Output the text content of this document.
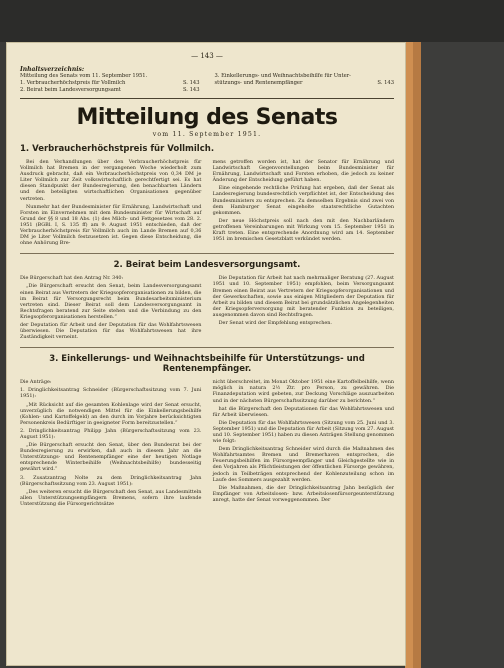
— 143 —
Inhaltsverzeichnis:
Mitteilung des Senats vom 11. September 1951.
1. Verbraucherhöchstpreis für Vollmilch	S. 143
2. Beirat beim Landesversorgungsamt	S. 143
3. Einkellerungs- und Weihnachtsbeihilfe für Unter-
stützungs- und Rentenempfänger	S. 143
Mitteilung des Senats
vom 11. September 1951.
1. Verbraucherhöchstpreis für Vollmilch.

Bei den Verhandlungen über den Verbraucherhöchstpreis für Vollmilch hat Bremen in der vergangenen Woche wiederholt zum Ausdruck gebracht, daß ein Verbraucherhöchstpreis von 0,34 DM je Liter Vollmilch zur Zeit volkswirtschaftlich gerechtfertigt sei. Es hat diesen Standpunkt der Bundesregierung, den benachbarten Ländern und den beteiligten wirtschaftlichen Organisationen gegenüber vertreten.

Nunmehr hat der Bundesminister für Ernährung, Landwirtschaft und Forsten im Einvernehmen mit dem Bundesminister für Wirtschaft auf Grund der §§ 8 und 18 Abs. (1) des Milch- und Fettgesetzes vom 28. 2. 1951 (BGBl. I, S. 135 ff) am 9. August 1951 entschieden, daß der Verbraucherhöchstpreis für Vollmilch auch im Lande Bremen auf 0,36 DM je Liter Vollmilch festzusetzen ist. Gegen diese Entscheidung, die ohne Anhörung Bre-

mens getroffen worden ist, hat der Senator für Ernährung und Landwirtschaft Gegenvorstellungen beim Bundesminister für Ernährung, Landwirtschaft und Forsten erhoben, die jedoch zu keiner Änderung der Entscheidung geführt haben.

Eine eingehende rechtliche Prüfung hat ergeben, daß der Senat als Landesregierung bundesrechtlich verpflichtet ist, der Entscheidung des Bundesministers zu entsprechen. Zu demselben Ergebnis sind zwei von dem Hamburger Senat eingeholte staatsrechtliche Gutachten gekommen.

Der neue Höchstpreis soll nach den mit den Nachbarländern getroffenen Vereinbarungen mit Wirkung vom 15. September 1951 in Kraft treten. Eine entsprechende Anordnung wird am 14. September 1951 im bremischen Gesetzblatt verkündet werden.

2. Beirat beim Landesversorgungsamt.

Die Bürgerschaft hat den Antrag Nr. 340:

„Die Bürgerschaft ersucht den Senat, beim Landesversorgungsamt einen Beirat aus Vertretern der Kriegsopferorganisationen zu bilden, die im Beirat für Versorgungsrecht beim Bundesarbeitsministerium vertreten sind. Dieser Beirat soll dem Landesversorgungsamt in Rechtsfragen beratend zur Seite stehen und die Verbindung zu den Kriegsopferorganisationen herstellen.“

der Deputation für Arbeit und der Deputation für das Wohlfahrtswesen überwiesen. Die Deputation für das Wohlfahrtswesen hat ihre Zuständigkeit verneint.

Die Deputation für Arbeit hat nach mehrmaliger Beratung (27. August 1951 und 10. September 1951) empfohlen, beim Versorgungsamt Bremen einen Beirat aus Vertretern der Kriegsopferorganisationen und der Gewerkschaften, sowie aus einigen Mitgliedern der Deputation für Arbeit zu bilden und diesem Beirat bei grundsätzlichen Angelegenheiten der Kriegsopferversorgung mit beratender Funktion zu beteiligen, ausgenommen davon sind Rechtsfragen.

Der Senat wird der Empfehlung entsprechen.

3. Einkellerungs- und Weihnachtsbeihilfe für Unterstützungs- und Rentenempfänger.

Die Anträge:

1. Dringlichkeitsantrag Schneider (Bürgerschaftssitzung vom 7. Juni 1951):

„Mit Rücksicht auf die gesamten Kohlenlage wird der Senat ersucht, unverzüglich die notwendigen Mittel für die Einkellerungsbeihilfe (Kohlen- und Kartoffelgeld) an den durch im Vorjahre berücksichtigten Personenkreis Bedürftiger in geeigneter Form bereitzustellen.“

2. Dringlichkeitsantrag Philipp Jahn (Bürgerschaftssitzung vom 23. August 1951):

„Die Bürgerschaft ersucht den Senat, über den Bundesrat bei der Bundesregierung zu erwirken, daß auch in diesem Jahr an die Unterstützungs- und Rentenempfänger eine der heutigen Notlage entsprechende Winterbeihilfe (Weihnachtsbeihilfe) bundesseitig gewährt wird.“

3. Zusatzantrag Nolte zu dem Dringlichkeitsantrag Jahn (Bürgerschaftssitzung vom 23. August 1951):

„Des weiteren ersucht die Bürgerschaft den Senat, aus Landesmitteln allen Unterstützungsempfängern Bremens, sofern ihre laufende Unterstützung die Fürsorgerichtsätze

nicht überschreitet, im Monat Oktober 1951 eine Kartoffelbeihilfe, wenn möglich in natura 2½ Ztr. pro Person, zu gewähren. Die Finanzdeputation wird gebeten, zur Deckung Vorschläge auszuarbeiten und in der nächsten Bürgerschaftssitzung darüber zu berichten.“

hat die Bürgerschaft den Deputationen für das Wohlfahrtswesen und für Arbeit überwiesen.

Die Deputation für das Wohlfahrtswesen (Sitzung vom 25. Juni und 3. September 1951) und die Deputation für Arbeit (Sitzung vom 27. August und 10. September 1951) haben zu diesen Anträgen Stellung genommen wie folgt:

Dem Dringlichkeitsantrag Schneider wird durch die Maßnahmen des Wohlfahrtsamtes Bremen und Bremerhaven entsprochen, die Feuerungsbeihilfen im Fürsorgeempfänger und Gleichgestellte wie in den Vorjahren als Pflichtleistungen der öffentlichen Fürsorge gewähren, jedoch in Teilbeträgen entsprechend der Kohlenzuteilung schon im Laufe des Sommers ausgezahlt werden.

Die Maßnahmen, die der Dringlichkeitsantrag Jahn bezüglich der Empfänger von Arbeitslosen- bzw. Arbeitslosenfürsorgeunterstützung anregt, hatte der Senat vorweggenommen. Der
